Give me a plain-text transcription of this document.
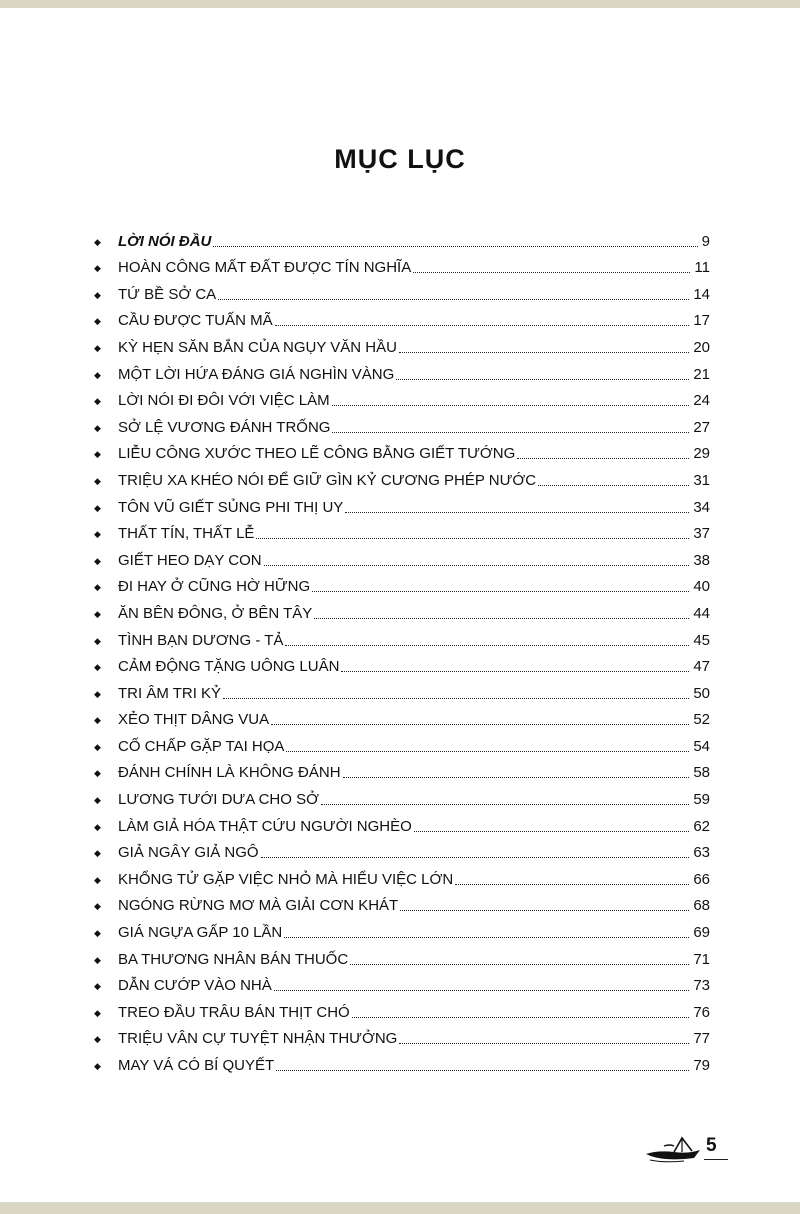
MỤC LỤC
◆	LỜI NÓI ĐẦU	9
◆	HOÀN CÔNG MẤT ĐẤT ĐƯỢC TÍN NGHĨA	11
◆	TỨ BỀ SỞ CA	14
◆	CẦU ĐƯỢC TUẤN MÃ	17
◆	KỲ HẸN SĂN BẮN CỦA NGỤY VĂN HẦU	20
◆	MỘT LỜI HỨA ĐÁNG GIÁ NGHÌN VÀNG	21
◆	LỜI NÓI ĐI ĐÔI VỚI VIỆC LÀM	24
◆	SỞ LỆ VƯƠNG ĐÁNH TRỐNG	27
◆	LIỄU CÔNG XƯỚC THEO LẼ CÔNG BẰNG GIẾT TƯỚNG	29
◆	TRIỆU XA KHÉO NÓI ĐỂ GIỮ GÌN KỶ CƯƠNG PHÉP NƯỚC	31
◆	TÔN VŨ GIẾT SỦNG PHI THỊ UY	34
◆	THẤT TÍN, THẤT LỄ	37
◆	GIẾT HEO DẠY CON	38
◆	ĐI HAY Ở CŨNG HỜ HỮNG	40
◆	ĂN BÊN ĐÔNG, Ở BÊN TÂY	44
◆	TÌNH BẠN DƯƠNG - TẢ	45
◆	CẢM ĐỘNG TẶNG UÔNG LUÂN	47
◆	TRI ÂM TRI KỶ	50
◆	XẺO THỊT DÂNG VUA	52
◆	CỐ CHẤP GẶP TAI HỌA	54
◆	ĐÁNH CHÍNH LÀ KHÔNG ĐÁNH	58
◆	LƯƠNG TƯỚI DƯA CHO SỞ	59
◆	LÀM GIẢ HÓA THẬT CỨU NGƯỜI NGHÈO	62
◆	GIẢ NGÂY GIẢ NGÔ	63
◆	KHỔNG TỬ GẶP VIỆC NHỎ MÀ HIỂU VIỆC LỚN	66
◆	NGÓNG RỪNG MƠ MÀ GIẢI CƠN KHÁT	68
◆	GIÁ NGỰA GẤP 10 LẦN	69
◆	BA THƯƠNG NHÂN BÁN THUỐC	71
◆	DẪN CƯỚP VÀO NHÀ	73
◆	TREO ĐẦU TRÂU BÁN THỊT CHÓ	76
◆	TRIỆU VÂN CỰ TUYỆT NHẬN THƯỞNG	77
◆	MAY VÁ CÓ BÍ QUYẾT	79
5
